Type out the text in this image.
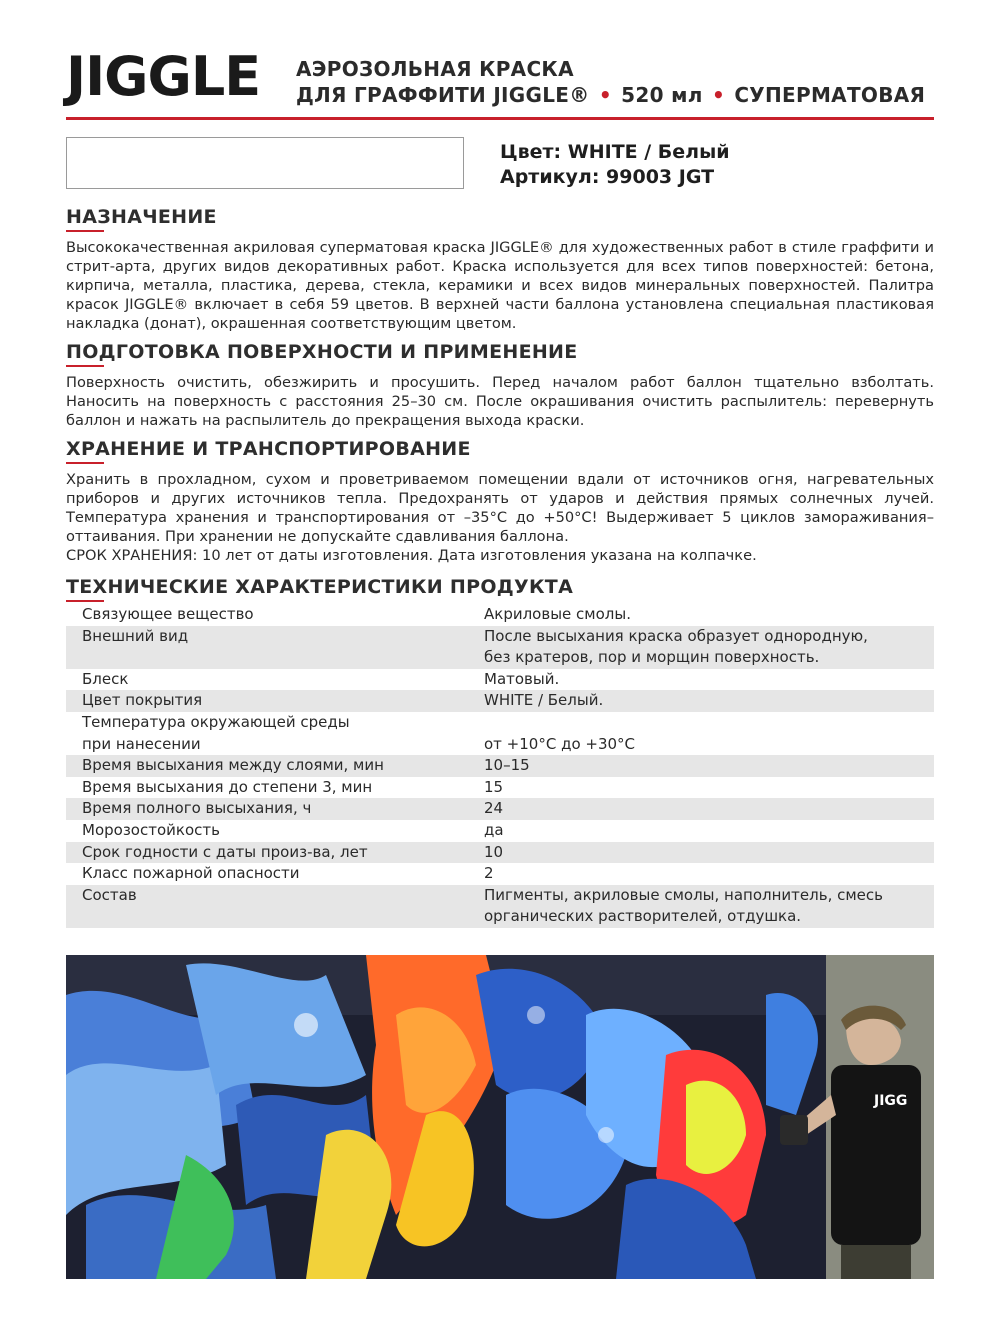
JIGGLE АЭРОЗОЛЬНАЯ КРАСКА
ДЛЯ ГРАФФИТИ JIGGLE® • 520 мл • СУПЕРМАТОВАЯ
Цвет: WHITE / Белый
Артикул: 99003 JGT
НАЗНАЧЕНИЕ

Высококачественная акриловая суперматовая краска JIGGLE® для художественных работ в стиле граффити и стрит-арта, других видов декоративных работ. Краска используется для всех типов поверхностей: бетона, кирпича, металла, пластика, дерева, стекла, керамики и всех видов минеральных поверхностей. Палитра красок JIGGLE® включает в себя 59 цветов. В верхней части баллона установлена специальная пластиковая накладка (донат), окрашенная соответствующим цветом.

ПОДГОТОВКА ПОВЕРХНОСТИ И ПРИМЕНЕНИЕ

Поверхность очистить, обезжирить и просушить. Перед началом работ баллон тщательно взболтать. Наносить на поверхность с расстояния 25–30 см. После окрашивания очистить распылитель: перевернуть баллон и нажать на распылитель до прекращения выхода краски.

ХРАНЕНИЕ И ТРАНСПОРТИРОВАНИЕ

Хранить в прохладном, сухом и проветриваемом помещении вдали от источников огня, нагревательных приборов и других источников тепла. Предохранять от ударов и действия прямых солнечных лучей. Температура хранения и транспортирования от –35°С до +50°С! Выдерживает 5 циклов замораживания–оттаивания. При хранении не допускайте сдавливания баллона.

СРОК ХРАНЕНИЯ: 10 лет от даты изготовления. Дата изготовления указана на колпачке.

ТЕХНИЧЕСКИЕ ХАРАКТЕРИСТИКИ ПРОДУКТА
Связующее вещество	Акриловые смолы.
Внешний вид	После высыхания краска образует однородную,
без кратеров, пор и морщин поверхность.
Блеск	Матовый.
Цвет покрытия	WHITE / Белый.
Температура окружающей среды
при нанесении	от +10°С до +30°С
Время высыхания между слоями, мин	10–15
Время высыхания до степени 3, мин	15
Время полного высыхания, ч	24
Морозостойкость	да
Срок годности с даты произ-ва, лет	10
Класс пожарной опасности	2
Состав	Пигменты, акриловые смолы, наполнитель, смесь
органических растворителей, отдушка.
JIGG
